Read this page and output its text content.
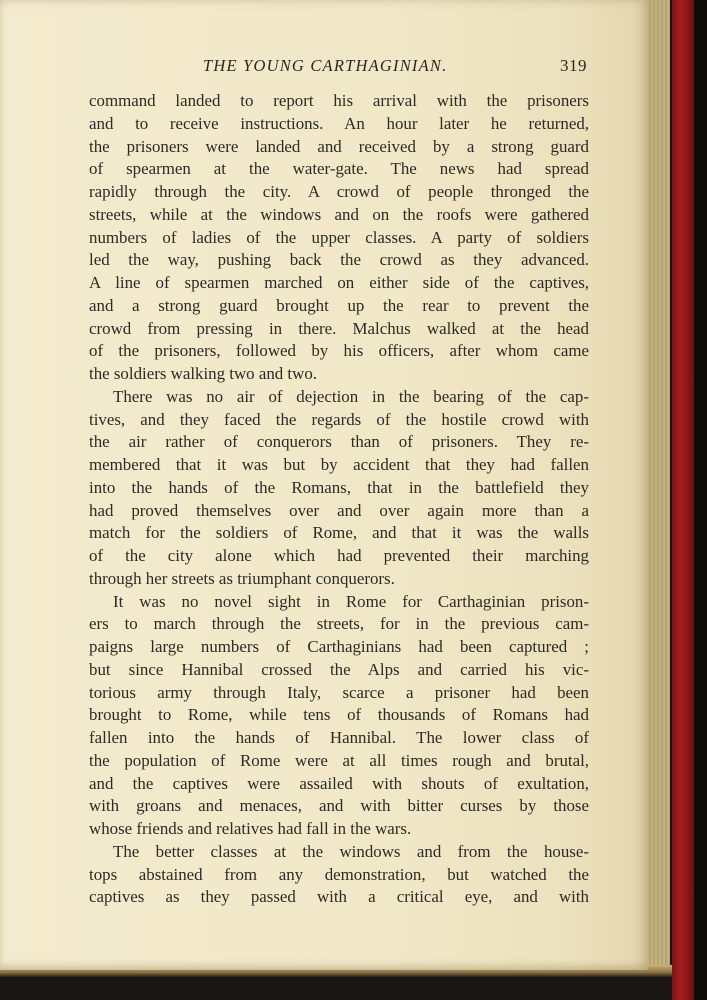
THE YOUNG CARTHAGINIAN.	319
command landed to report his arrival with the prisoners
and to receive instructions. An hour later he returned,
the prisoners were landed and received by a strong guard
of spearmen at the water-gate. The news had spread
rapidly through the city. A crowd of people thronged the
streets, while at the windows and on the roofs were gathered
numbers of ladies of the upper classes. A party of soldiers
led the way, pushing back the crowd as they advanced.
A line of spearmen marched on either side of the captives,
and a strong guard brought up the rear to prevent the
crowd from pressing in there. Malchus walked at the head
of the prisoners, followed by his officers, after whom came
the soldiers walking two and two.
There was no air of dejection in the bearing of the cap-
tives, and they faced the regards of the hostile crowd with
the air rather of conquerors than of prisoners. They re-
membered that it was but by accident that they had fallen
into the hands of the Romans, that in the battlefield they
had proved themselves over and over again more than a
match for the soldiers of Rome, and that it was the walls
of the city alone which had prevented their marching
through her streets as triumphant conquerors.
It was no novel sight in Rome for Carthaginian prison-
ers to march through the streets, for in the previous cam-
paigns large numbers of Carthaginians had been captured ;
but since Hannibal crossed the Alps and carried his vic-
torious army through Italy, scarce a prisoner had been
brought to Rome, while tens of thousands of Romans had
fallen into the hands of Hannibal. The lower class of
the population of Rome were at all times rough and brutal,
and the captives were assailed with shouts of exultation,
with groans and menaces, and with bitter curses by those
whose friends and relatives had fall in the wars.
The better classes at the windows and from the house-
tops abstained from any demonstration, but watched the
captives as they passed with a critical eye, and with
